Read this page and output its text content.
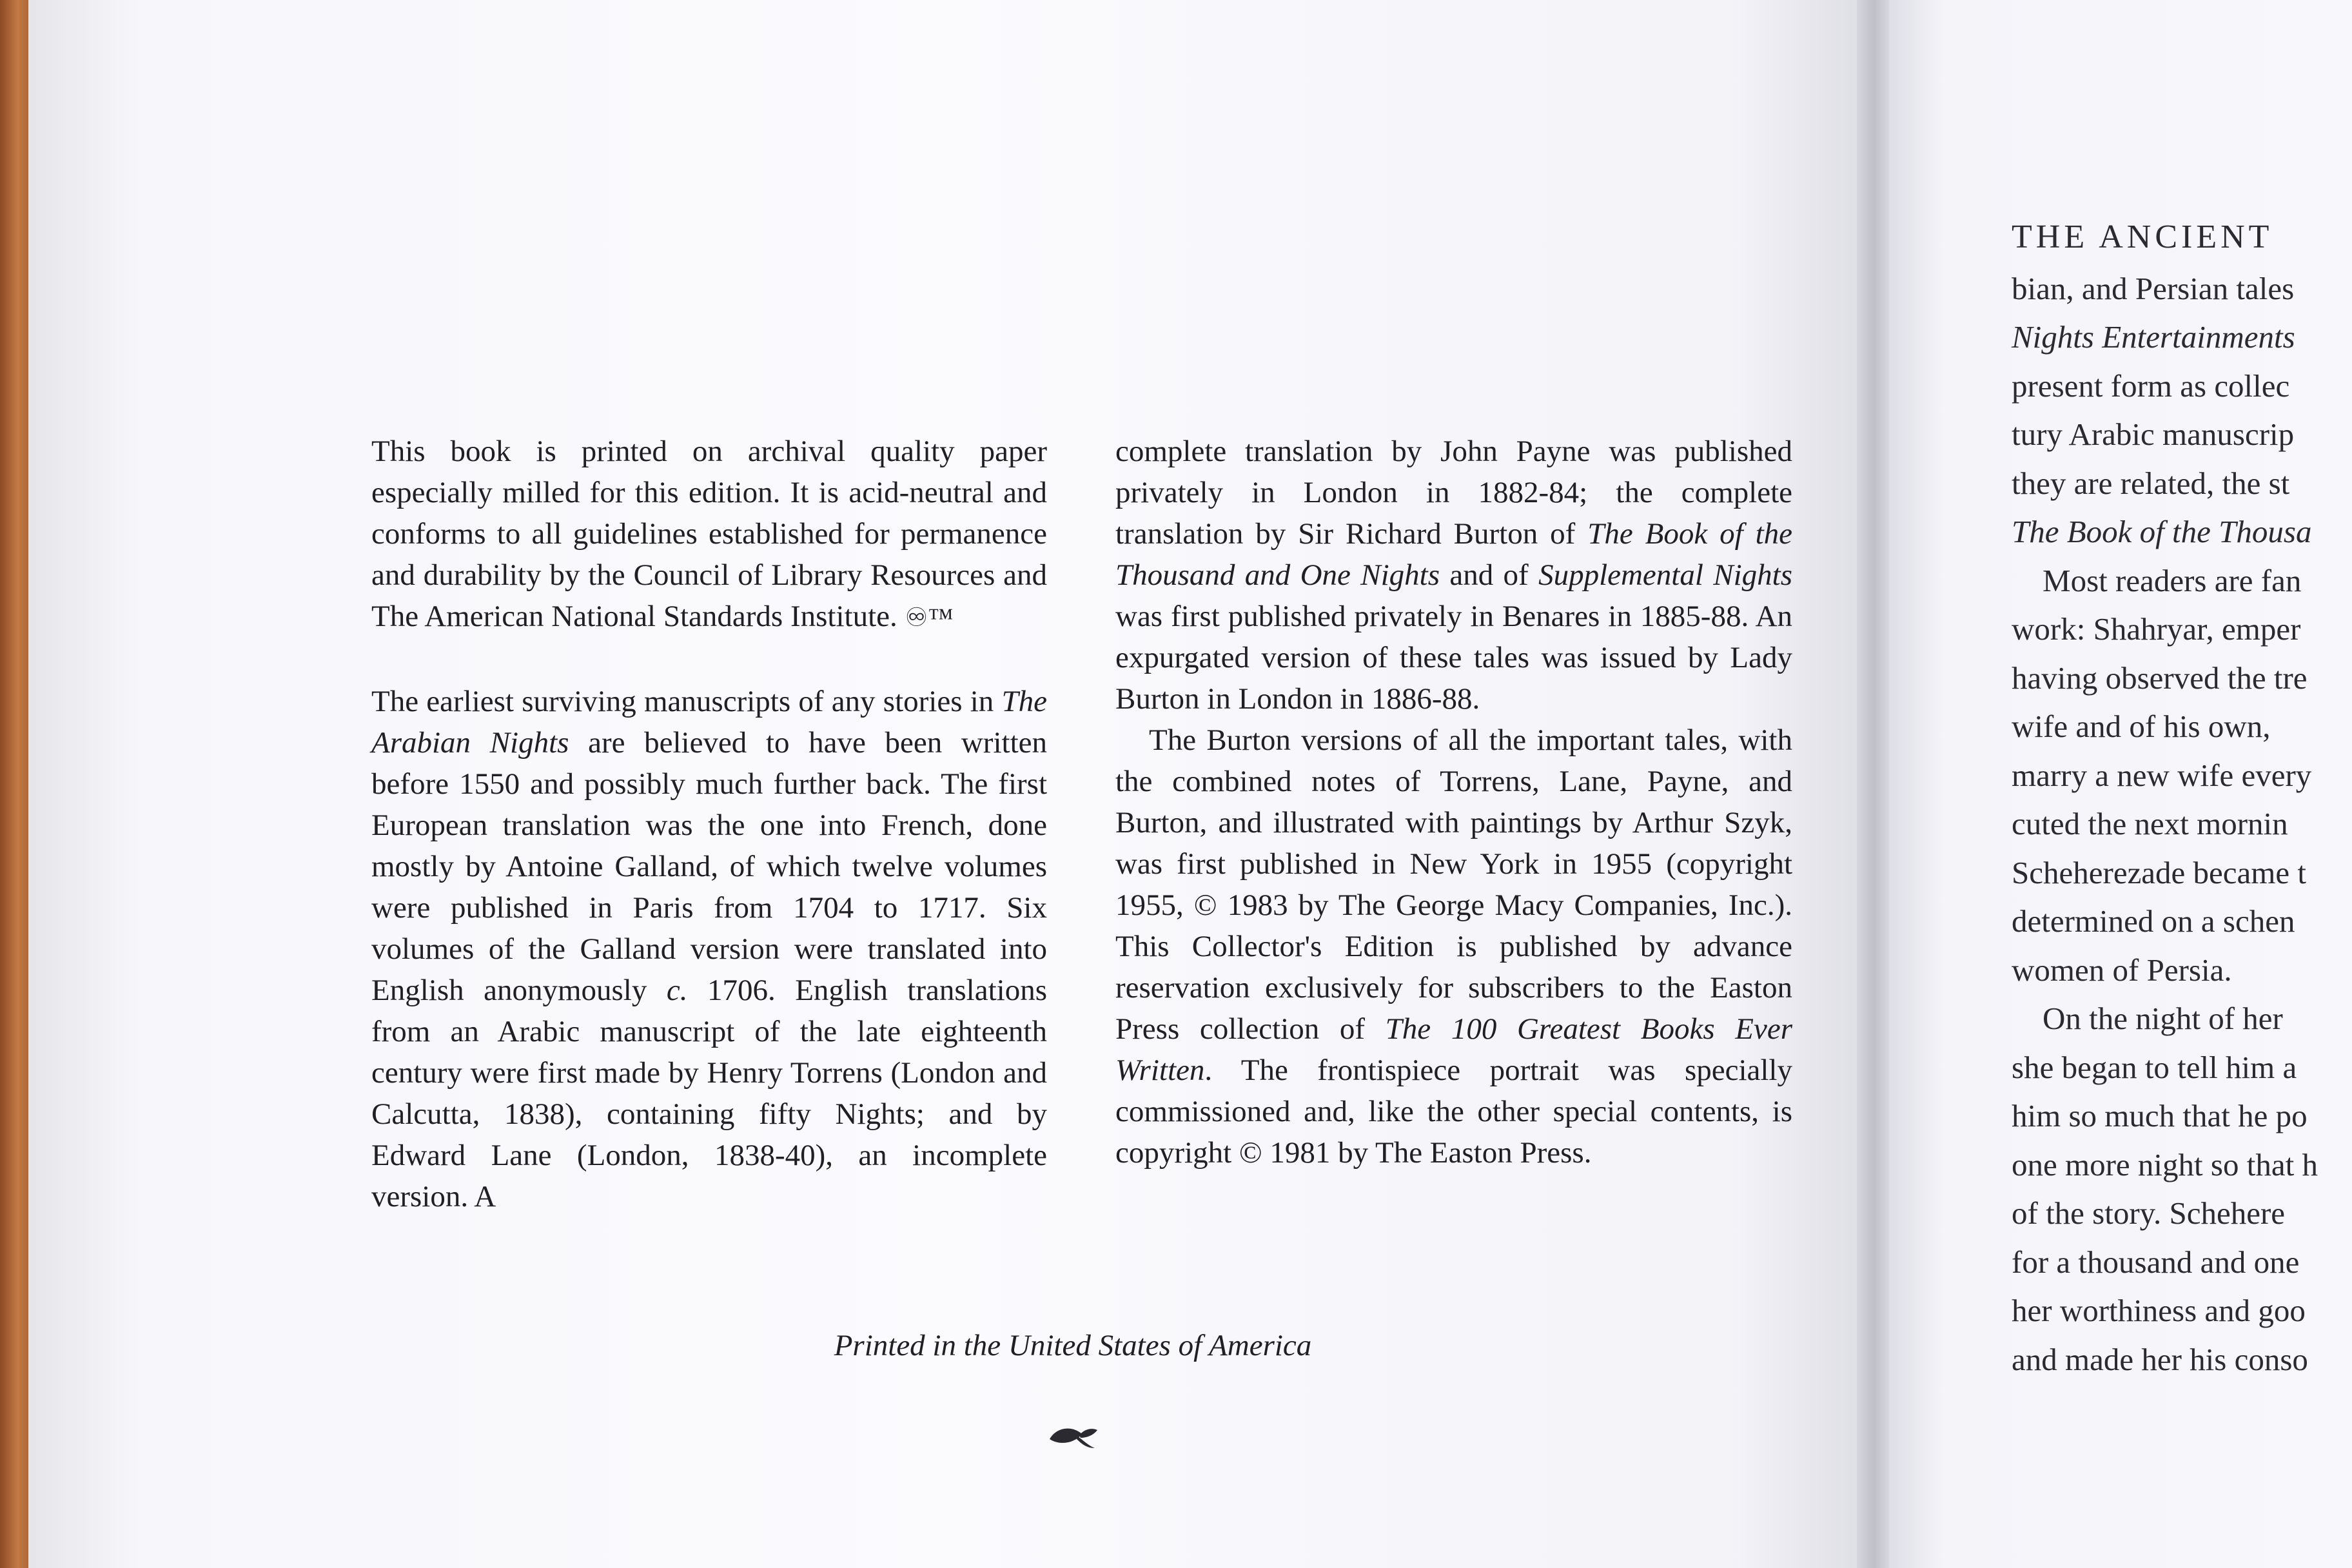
This book is printed on archival quality paper especially milled for this edition. It is acid-neutral and conforms to all guidelines established for permanence and durability by the Council of Library Resources and The American National Standards Institute. ♾™

The earliest surviving manuscripts of any stories in The Arabian Nights are believed to have been written before 1550 and possibly much further back. The first European translation was the one into French, done mostly by Antoine Galland, of which twelve volumes were published in Paris from 1704 to 1717. Six volumes of the Galland version were translated into English anonymously c. 1706. English translations from an Arabic manuscript of the late eighteenth century were first made by Henry Torrens (London and Calcutta, 1838), containing fifty Nights; and by Edward Lane (London, 1838-40), an incomplete version. A

complete translation by John Payne was published privately in London in 1882-84; the complete translation by Sir Richard Burton of The Book of the Thousand and One Nights and of Supplemental Nights was first published privately in Benares in 1885-88. An expurgated version of these tales was issued by Lady Burton in London in 1886-88.

The Burton versions of all the important tales, with the combined notes of Torrens, Lane, Payne, and Burton, and illustrated with paintings by Arthur Szyk, was first published in New York in 1955 (copyright 1955, © 1983 by The George Macy Companies, Inc.). This Collector's Edition is published by advance reservation exclusively for subscribers to the Easton Press collection of The 100 Greatest Books Ever Written. The frontispiece portrait was specially commissioned and, like the other special contents, is copyright © 1981 by The Easton Press.

Printed in the United States of America
THE ANCIENT
bian, and Persian tales
Nights Entertainments
present form as collec
tury Arabic manuscrip
they are related, the st
The Book of the Thousa
Most readers are fan
work: Shahryar, emper
having observed the tre
wife and of his own,
marry a new wife every
cuted the next mornin
Scheherezade became t
determined on a schen
women of Persia.
On the night of her
she began to tell him a
him so much that he po
one more night so that h
of the story. Schehere
for a thousand and one
her worthiness and goo
and made her his conso
